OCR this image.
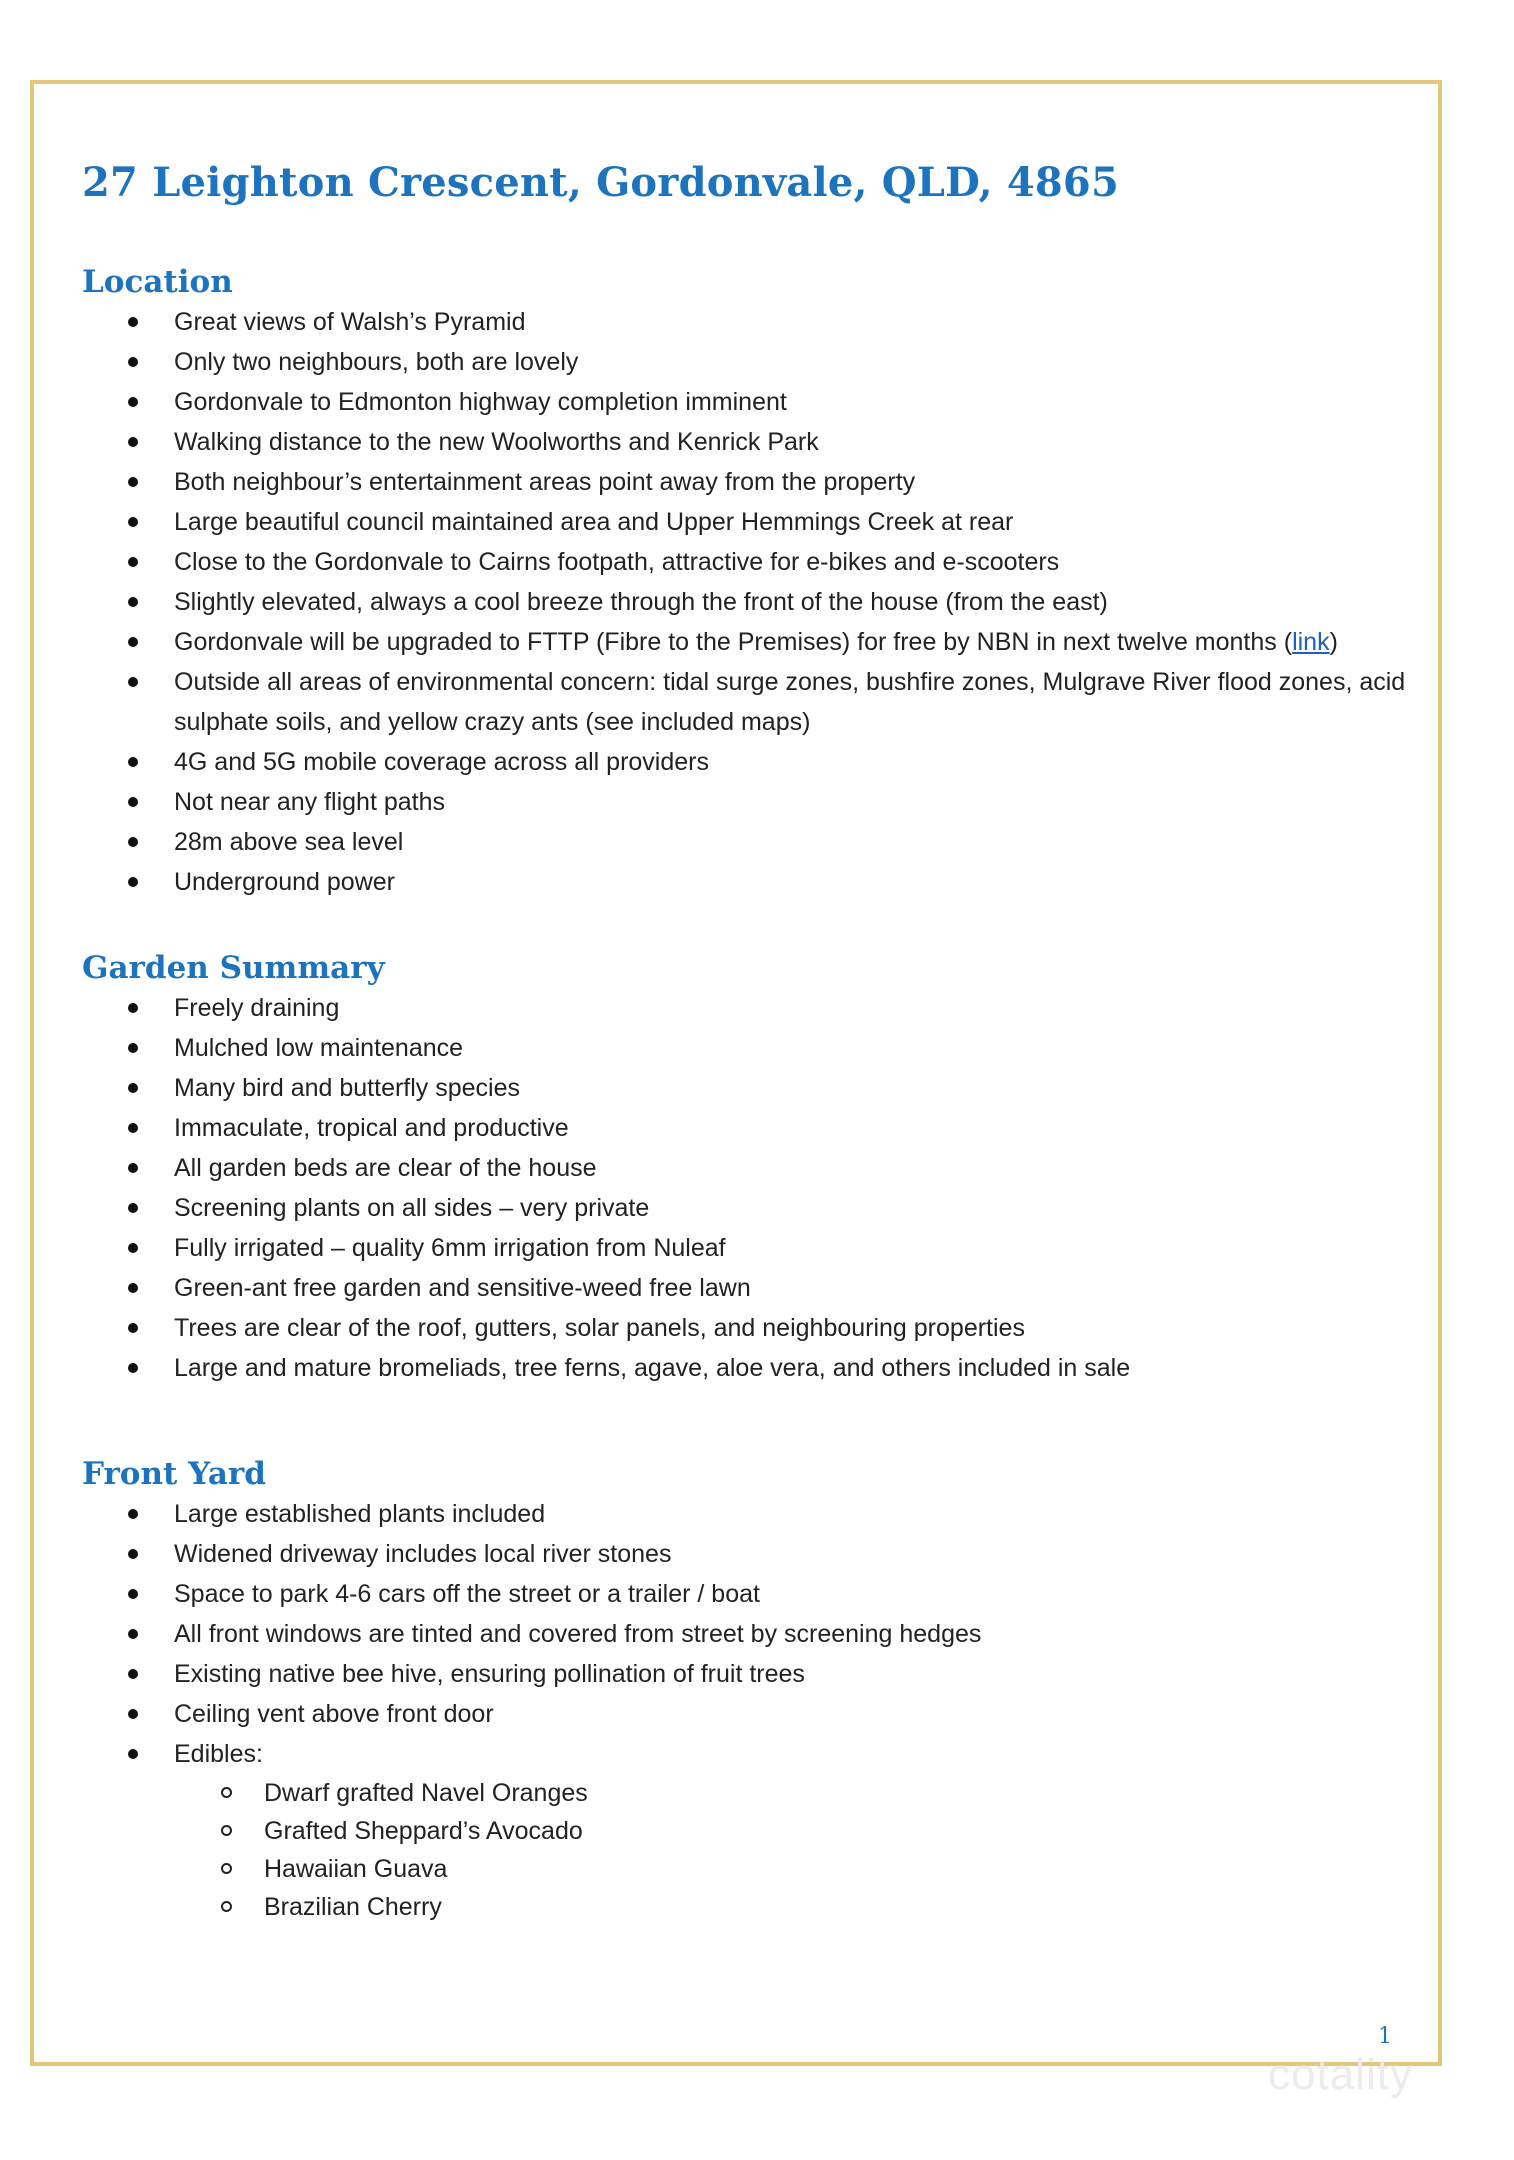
27 Leighton Crescent, Gordonvale, QLD, 4865
Location
Great views of Walsh’s Pyramid
Only two neighbours, both are lovely
Gordonvale to Edmonton highway completion imminent
Walking distance to the new Woolworths and Kenrick Park
Both neighbour’s entertainment areas point away from the property
Large beautiful council maintained area and Upper Hemmings Creek at rear
Close to the Gordonvale to Cairns footpath, attractive for e-bikes and e-scooters
Slightly elevated, always a cool breeze through the front of the house (from the east)
Gordonvale will be upgraded to FTTP (Fibre to the Premises) for free by NBN in next twelve months (link)
Outside all areas of environmental concern: tidal surge zones, bushfire zones, Mulgrave River flood zones, acid sulphate soils, and yellow crazy ants (see included maps)
4G and 5G mobile coverage across all providers
Not near any flight paths
28m above sea level
Underground power
Garden Summary
Freely draining
Mulched low maintenance
Many bird and butterfly species
Immaculate, tropical and productive
All garden beds are clear of the house
Screening plants on all sides – very private
Fully irrigated – quality 6mm irrigation from Nuleaf
Green-ant free garden and sensitive-weed free lawn
Trees are clear of the roof, gutters, solar panels, and neighbouring properties
Large and mature bromeliads, tree ferns, agave, aloe vera, and others included in sale
Front Yard
Large established plants included
Widened driveway includes local river stones
Space to park 4-6 cars off the street or a trailer / boat
All front windows are tinted and covered from street by screening hedges
Existing native bee hive, ensuring pollination of fruit trees
Ceiling vent above front door
Edibles:
Dwarf grafted Navel Oranges
Grafted Sheppard’s Avocado
Hawaiian Guava
Brazilian Cherry
1
cotality
